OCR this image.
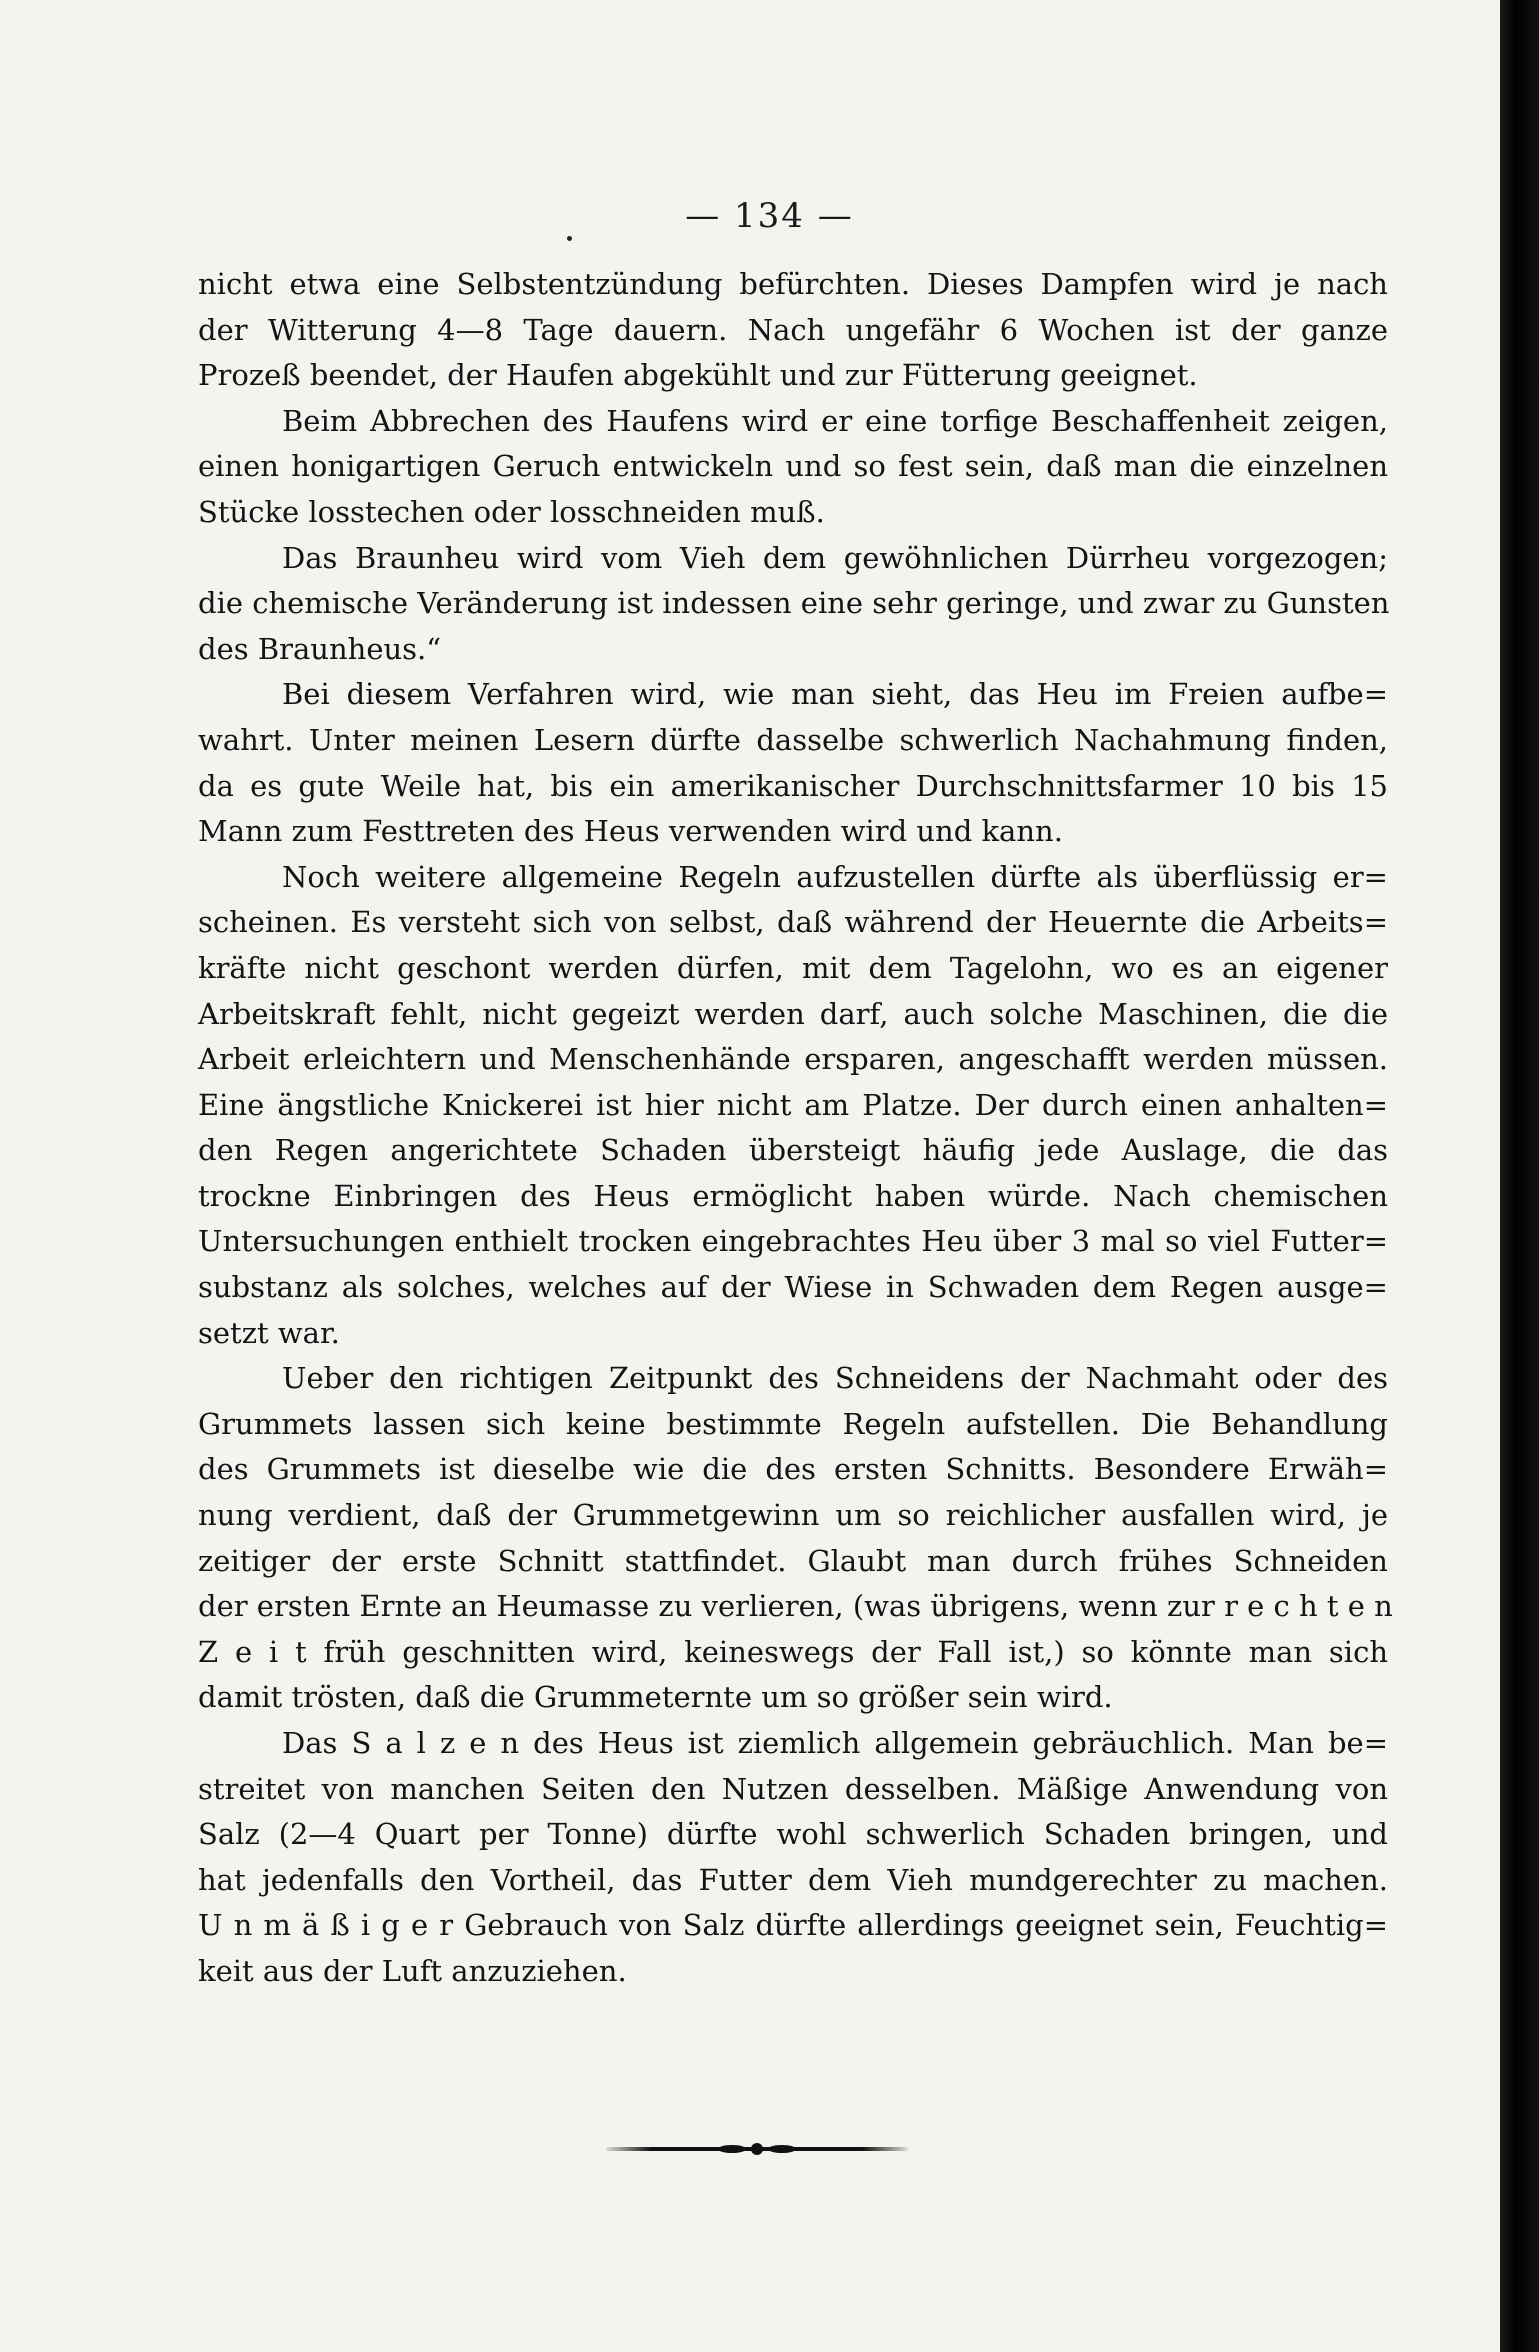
— 134 —
nicht etwa eine Selbstentzündung befürchten. Dieses Dampfen wird je nach
der Witterung 4—8 Tage dauern. Nach ungefähr 6 Wochen ist der ganze
Prozeß beendet, der Haufen abgekühlt und zur Fütterung geeignet.
Beim Abbrechen des Haufens wird er eine torfige Beschaffenheit zeigen,
einen honigartigen Geruch entwickeln und so fest sein, daß man die einzelnen
Stücke losstechen oder losschneiden muß.
Das Braunheu wird vom Vieh dem gewöhnlichen Dürrheu vorgezogen;
die chemische Veränderung ist indessen eine sehr geringe, und zwar zu Gunsten
des Braunheus.“
Bei diesem Verfahren wird, wie man sieht, das Heu im Freien aufbe=
wahrt. Unter meinen Lesern dürfte dasselbe schwerlich Nachahmung finden,
da es gute Weile hat, bis ein amerikanischer Durchschnittsfarmer 10 bis 15
Mann zum Festtreten des Heus verwenden wird und kann.
Noch weitere allgemeine Regeln aufzustellen dürfte als überflüssig er=
scheinen. Es versteht sich von selbst, daß während der Heuernte die Arbeits=
kräfte nicht geschont werden dürfen, mit dem Tagelohn, wo es an eigener
Arbeitskraft fehlt, nicht gegeizt werden darf, auch solche Maschinen, die die
Arbeit erleichtern und Menschenhände ersparen, angeschafft werden müssen.
Eine ängstliche Knickerei ist hier nicht am Platze. Der durch einen anhalten=
den Regen angerichtete Schaden übersteigt häufig jede Auslage, die das
trockne Einbringen des Heus ermöglicht haben würde. Nach chemischen
Untersuchungen enthielt trocken eingebrachtes Heu über 3 mal so viel Futter=
substanz als solches, welches auf der Wiese in Schwaden dem Regen ausge=
setzt war.
Ueber den richtigen Zeitpunkt des Schneidens der Nachmaht oder des
Grummets lassen sich keine bestimmte Regeln aufstellen. Die Behandlung
des Grummets ist dieselbe wie die des ersten Schnitts. Besondere Erwäh=
nung verdient, daß der Grummetgewinn um so reichlicher ausfallen wird, je
zeitiger der erste Schnitt stattfindet. Glaubt man durch frühes Schneiden
der ersten Ernte an Heumasse zu verlieren, (was übrigens, wenn zur r e c h t e n
Z e i t früh geschnitten wird, keineswegs der Fall ist,) so könnte man sich
damit trösten, daß die Grummeternte um so größer sein wird.
Das S a l z e n des Heus ist ziemlich allgemein gebräuchlich. Man be=
streitet von manchen Seiten den Nutzen desselben. Mäßige Anwendung von
Salz (2—4 Quart per Tonne) dürfte wohl schwerlich Schaden bringen, und
hat jedenfalls den Vortheil, das Futter dem Vieh mundgerechter zu machen.
U n m ä ß i g e r Gebrauch von Salz dürfte allerdings geeignet sein, Feuchtig=
keit aus der Luft anzuziehen.
